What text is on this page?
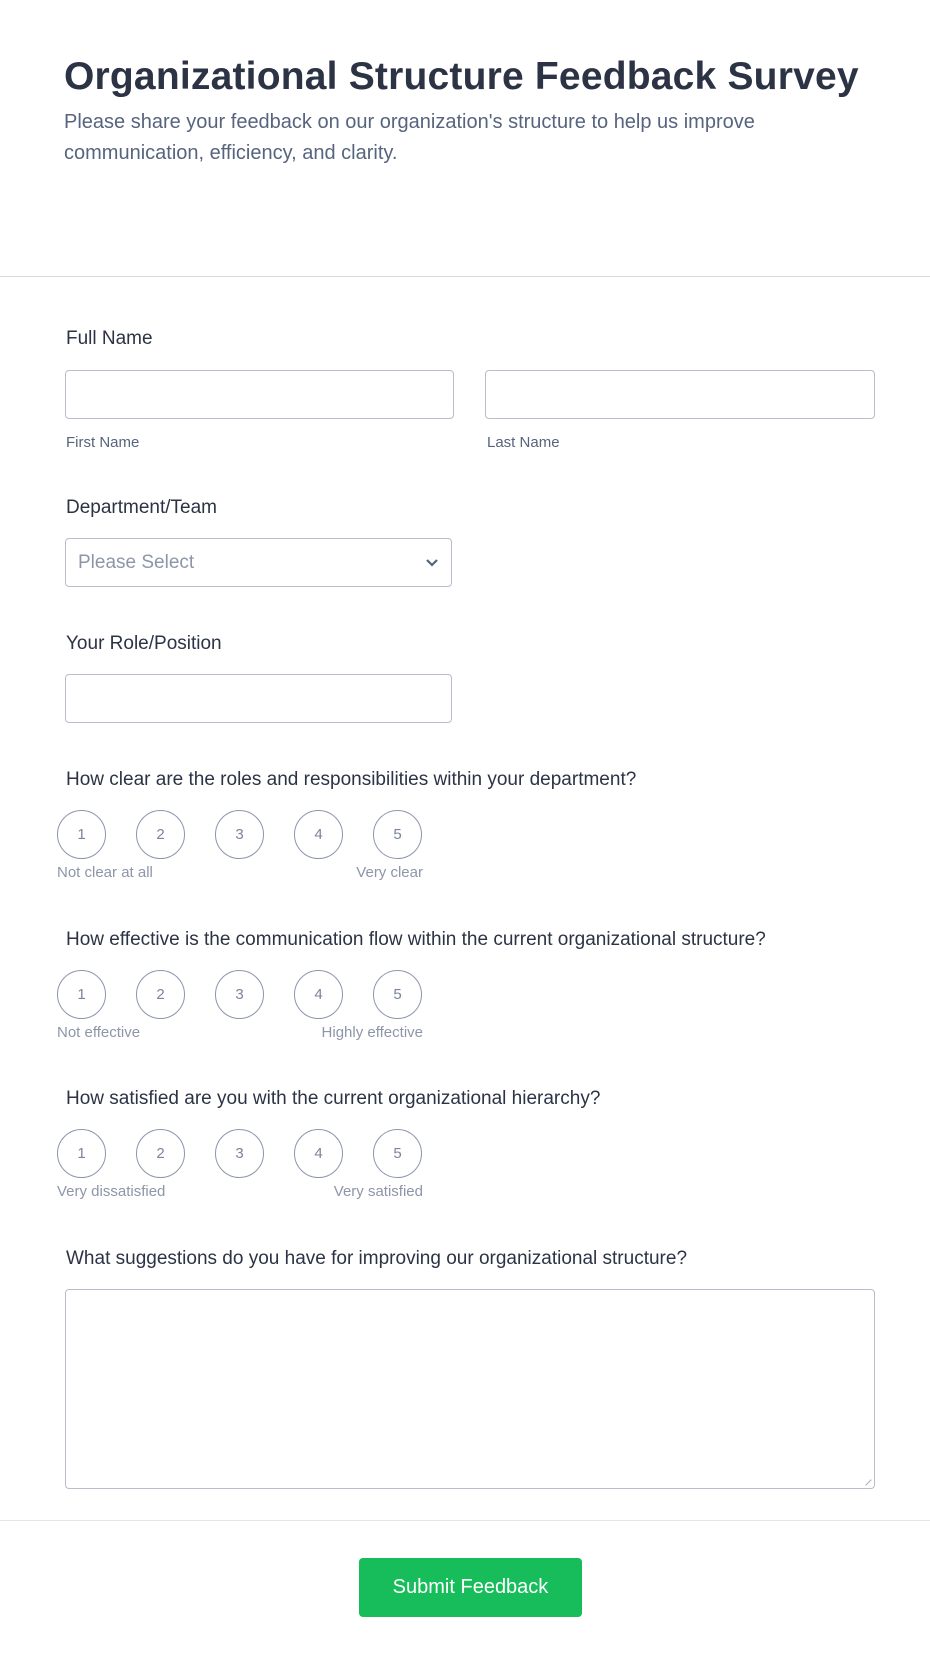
Organizational Structure Feedback Survey

Please share your feedback on our organization's structure to help us improve communication, efficiency, and clarity.

Full Name
First Name	Last Name
Department/Team
Please Select
Your Role/Position
How clear are the roles and responsibilities within your department?
1	2	3	4	5
Not clear at all	Very clear
How effective is the communication flow within the current organizational structure?
1	2	3	4	5
Not effective	Highly effective
How satisfied are you with the current organizational hierarchy?
1	2	3	4	5
Very dissatisfied	Very satisfied
What suggestions do you have for improving our organizational structure?
Submit Feedback
